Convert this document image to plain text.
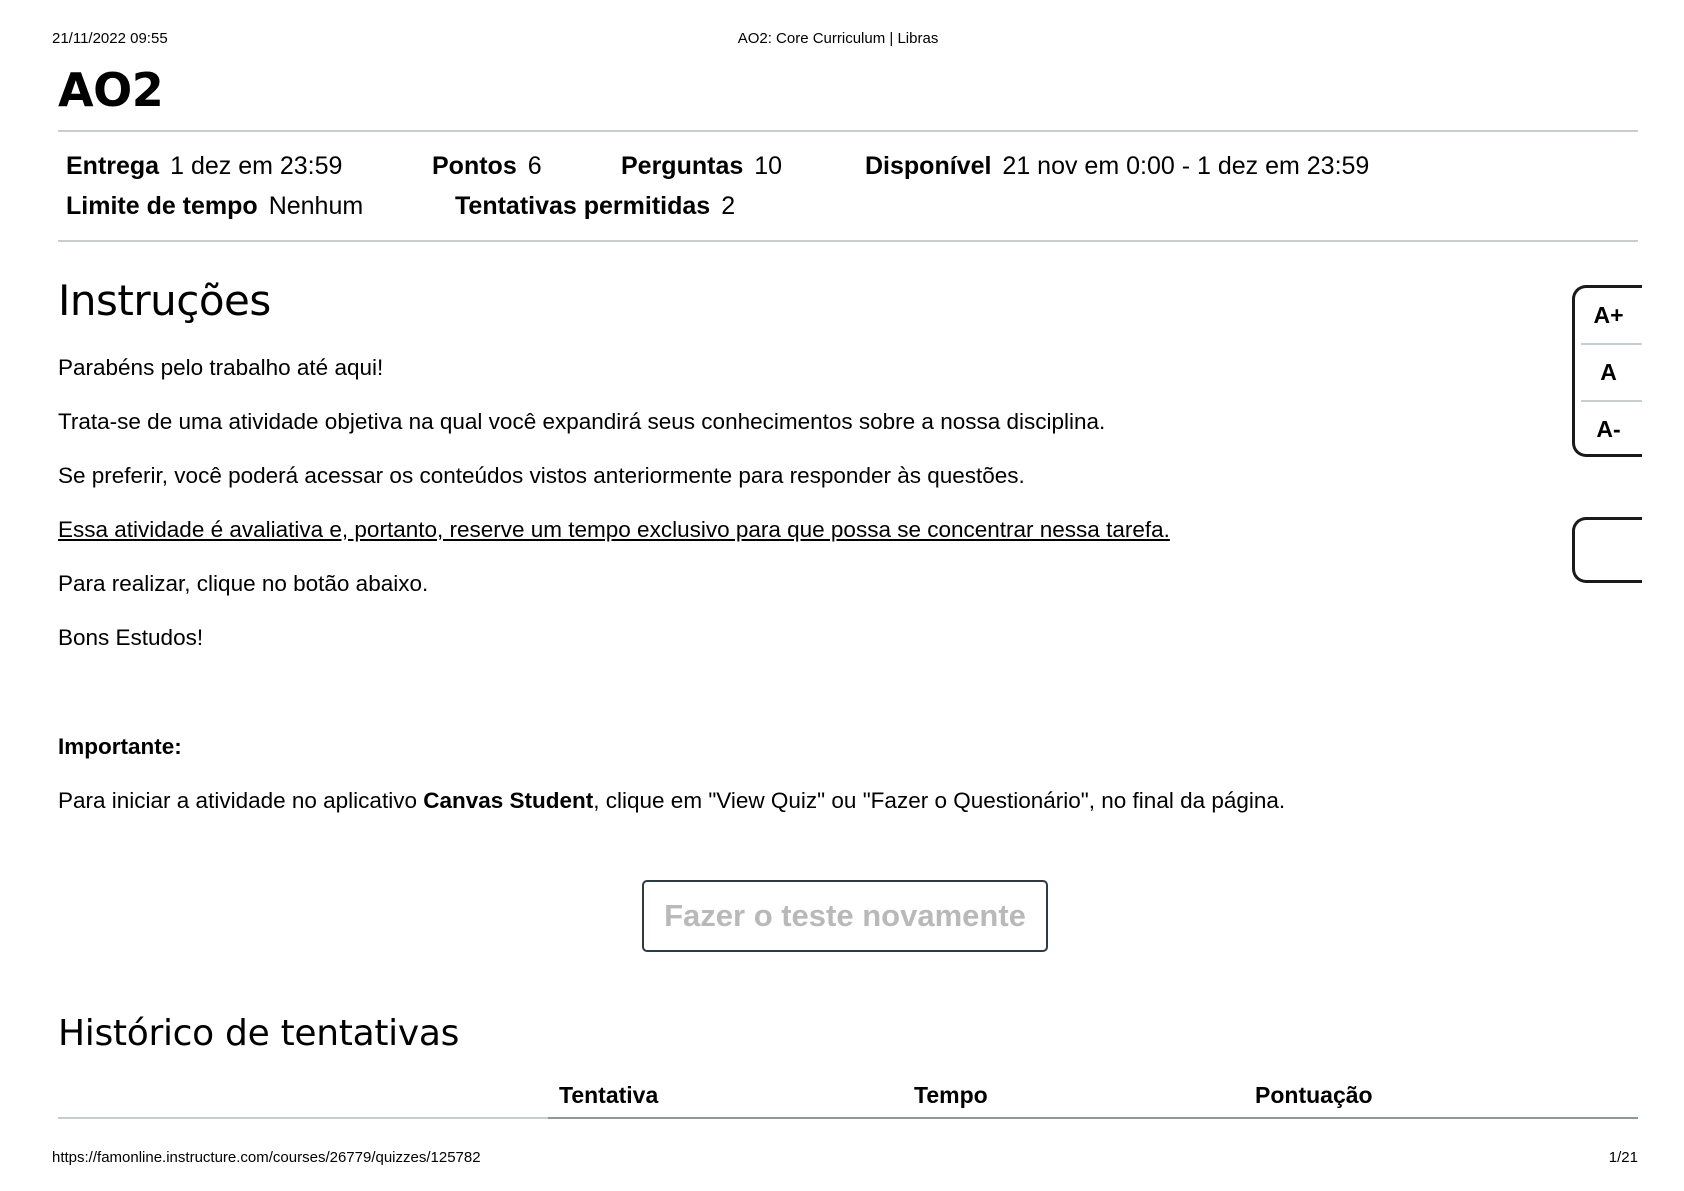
21/11/2022 09:55	AO2: Core Curriculum | Libras
AO2
Entrega 1 dez em 23:59	Pontos 6	Perguntas 10	Disponível 21 nov em 0:00 - 1 dez em 23:59
Limite de tempo Nenhum	Tentativas permitidas 2
Instruções

Parabéns pelo trabalho até aqui!

Trata-se de uma atividade objetiva na qual você expandirá seus conhecimentos sobre a nossa disciplina.

Se preferir, você poderá acessar os conteúdos vistos anteriormente para responder às questões.

Essa atividade é avaliativa e, portanto, reserve um tempo exclusivo para que possa se concentrar nessa tarefa.

Para realizar, clique no botão abaixo.

Bons Estudos!

Importante:

Para iniciar a atividade no aplicativo Canvas Student, clique em "View Quiz" ou "Fazer o Questionário", no final da página.

Fazer o teste novamente
Histórico de tentativas
Tentativa	Tempo	Pontuação
A+
A
A-
https://famonline.instructure.com/courses/26779/quizzes/125782	1/21
